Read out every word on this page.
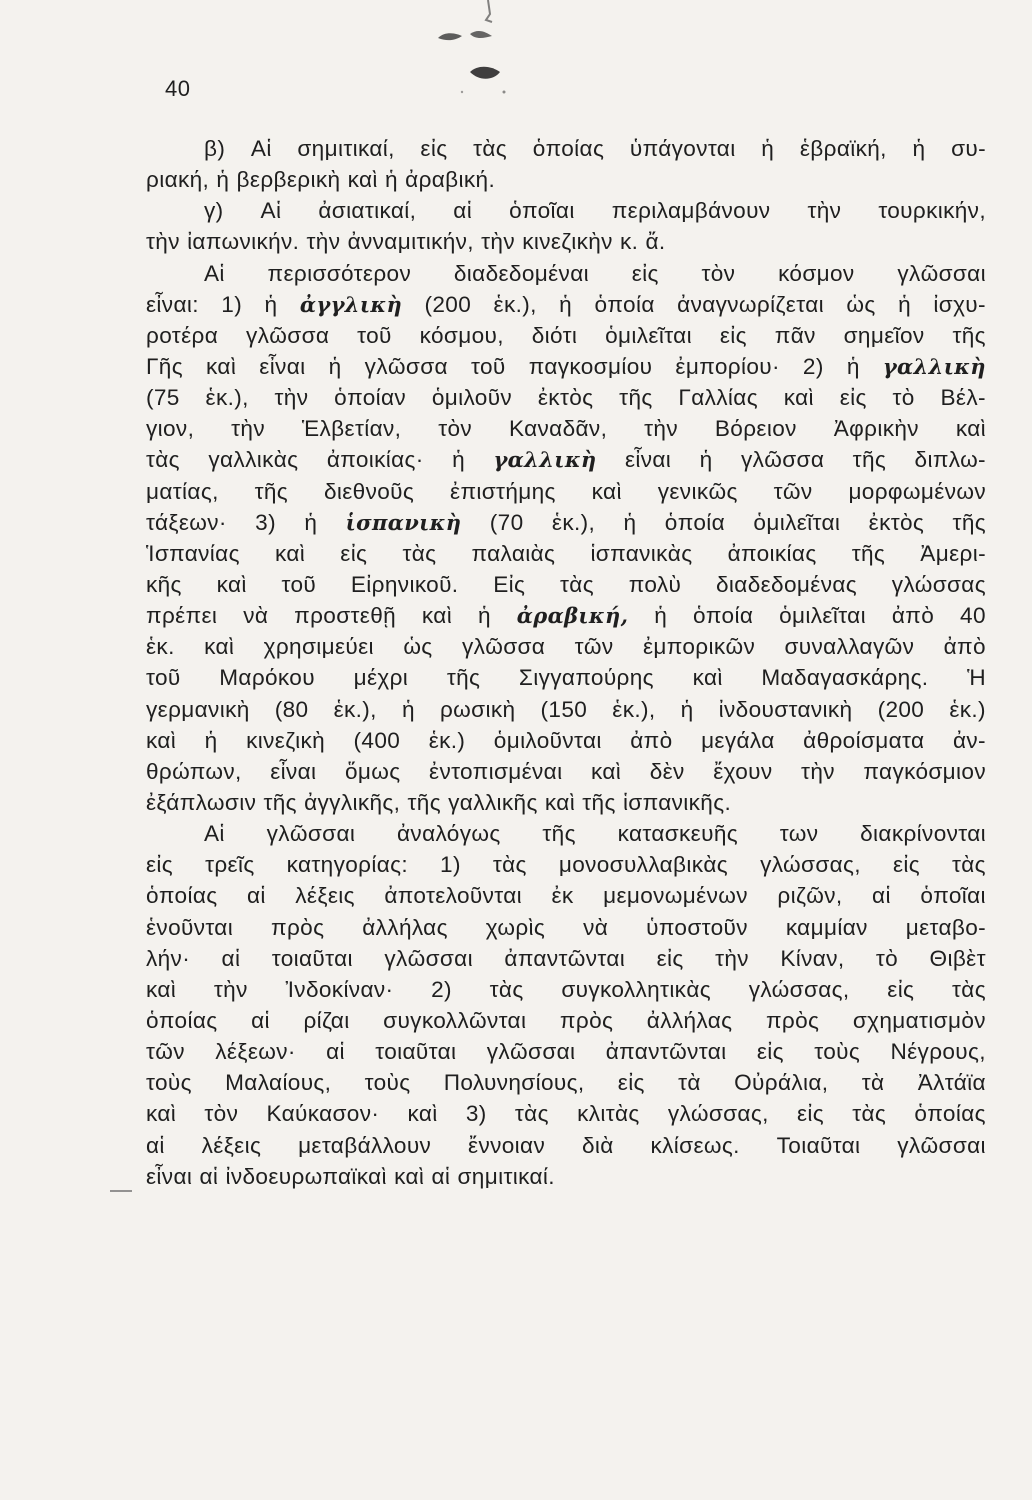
40
β) Αἱ σημιτικαί, εἰς τὰς ὁποίας ὑπάγονται ἡ ἑβραϊκή, ἡ συ-
ριακή, ἡ βερβερικὴ καὶ ἡ ἀραβική.
γ) Αἱ ἀσιατικαί, αἱ ὁποῖαι περιλαμβάνουν τὴν τουρκικήν,
τὴν ἰαπωνικήν. τὴν ἀνναμιτικήν, τὴν κινεζικὴν κ. ἄ.
Αἱ περισσότερον διαδεδομέναι εἰς τὸν κόσμον γλῶσσαι
εἶναι: 1) ἡ ἀγγλικὴ (200 ἑκ.), ἡ ὁποία ἀναγνωρίζεται ὡς ἡ ἰσχυ-
ροτέρα γλῶσσα τοῦ κόσμου, διότι ὁμιλεῖται εἰς πᾶν σημεῖον τῆς
Γῆς καὶ εἶναι ἡ γλῶσσα τοῦ παγκοσμίου ἐμπορίου· 2) ἡ γαλλικὴ
(75 ἑκ.), τὴν ὁποίαν ὁμιλοῦν ἐκτὸς τῆς Γαλλίας καὶ εἰς τὸ Βέλ-
γιον, τὴν Ἑλβετίαν, τὸν Καναδᾶν, τὴν Βόρειον Ἀφρικὴν καὶ
τὰς γαλλικὰς ἀποικίας· ἡ γαλλικὴ εἶναι ἡ γλῶσσα τῆς διπλω-
ματίας, τῆς διεθνοῦς ἐπιστήμης καὶ γενικῶς τῶν μορφωμένων
τάξεων· 3) ἡ ἱσπανικὴ (70 ἑκ.), ἡ ὁποία ὁμιλεῖται ἐκτὸς τῆς
Ἱσπανίας καὶ εἰς τὰς παλαιὰς ἱσπανικὰς ἀποικίας τῆς Ἀμερι-
κῆς καὶ τοῦ Εἰρηνικοῦ. Εἰς τὰς πολὺ διαδεδομένας γλώσσας
πρέπει νὰ προστεθῇ καὶ ἡ ἀραβική, ἡ ὁποία ὁμιλεῖται ἀπὸ 40
ἑκ. καὶ χρησιμεύει ὡς γλῶσσα τῶν ἐμπορικῶν συναλλαγῶν ἀπὸ
τοῦ Μαρόκου μέχρι τῆς Σιγγαπούρης καὶ Μαδαγασκάρης. Ἡ
γερμανικὴ (80 ἑκ.), ἡ ρωσικὴ (150 ἑκ.), ἡ ἰνδουστανικὴ (200 ἑκ.)
καὶ ἡ κινεζικὴ (400 ἑκ.) ὁμιλοῦνται ἀπὸ μεγάλα ἀθροίσματα ἀν-
θρώπων, εἶναι ὅμως ἐντοπισμέναι καὶ δὲν ἔχουν τὴν παγκόσμιον
ἐξάπλωσιν τῆς ἀγγλικῆς, τῆς γαλλικῆς καὶ τῆς ἱσπανικῆς.
Αἱ γλῶσσαι ἀναλόγως τῆς κατασκευῆς των διακρίνονται
εἰς τρεῖς κατηγορίας: 1) τὰς μονοσυλλαβικὰς γλώσσας, εἰς τὰς
ὁποίας αἱ λέξεις ἀποτελοῦνται ἐκ μεμονωμένων ριζῶν, αἱ ὁποῖαι
ἑνοῦνται πρὸς ἀλλήλας χωρὶς νὰ ὑποστοῦν καμμίαν μεταβο-
λήν· αἱ τοιαῦται γλῶσσαι ἀπαντῶνται εἰς τὴν Κίναν, τὸ Θιβὲτ
καὶ τὴν Ἰνδοκίναν· 2) τὰς συγκολλητικὰς γλώσσας, εἰς τὰς
ὁποίας αἱ ρίζαι συγκολλῶνται πρὸς ἀλλήλας πρὸς σχηματισμὸν
τῶν λέξεων· αἱ τοιαῦται γλῶσσαι ἀπαντῶνται εἰς τοὺς Νέγρους,
τοὺς Μαλαίους, τοὺς Πολυνησίους, εἰς τὰ Οὐράλια, τὰ Ἀλτάϊα
καὶ τὸν Καύκασον· καὶ 3) τὰς κλιτὰς γλώσσας, εἰς τὰς ὁποίας
αἱ λέξεις μεταβάλλουν ἔννοιαν διὰ κλίσεως. Τοιαῦται γλῶσσαι
εἶναι αἱ ἰνδοευρωπαϊκαὶ καὶ αἱ σημιτικαί.
